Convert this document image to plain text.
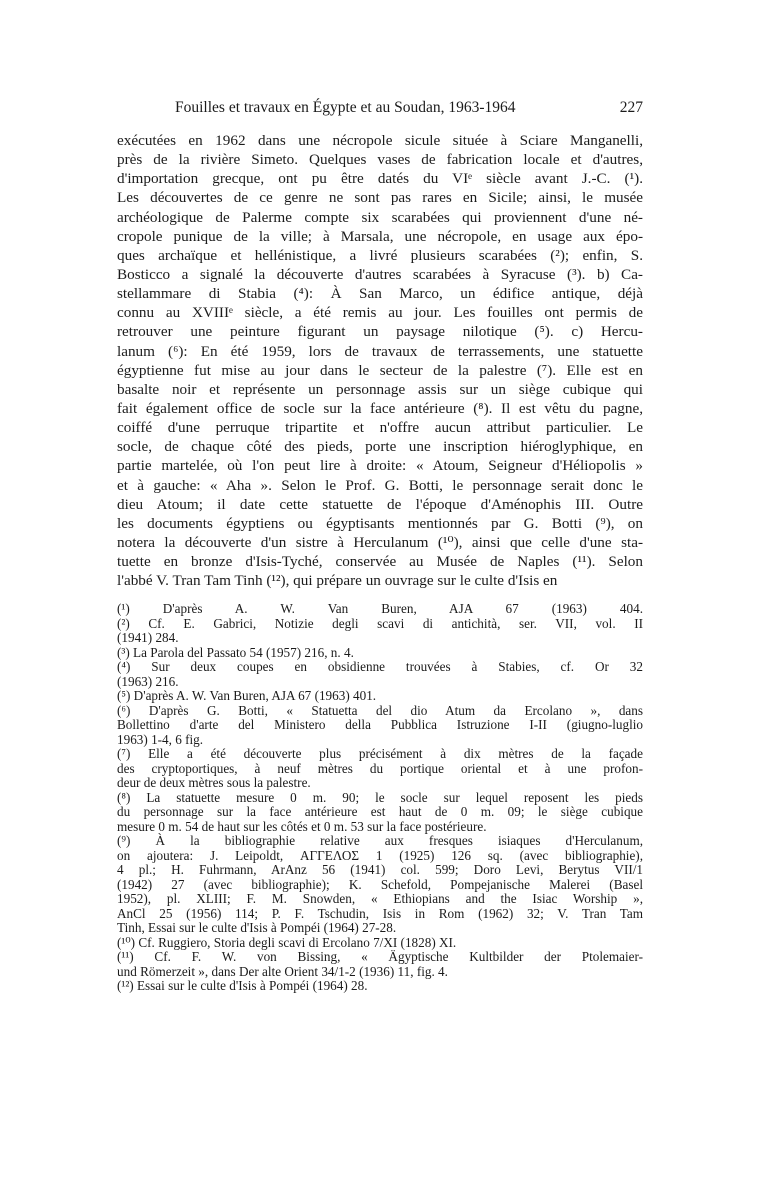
Fouilles et travaux en Égypte et au Soudan, 1963-1964	227
exécutées en 1962 dans une nécropole sicule située à Sciare Manganelli,
près de la rivière Simeto. Quelques vases de fabrication locale et d'autres,
d'importation grecque, ont pu être datés du VIᵉ siècle avant J.-C. (¹).
Les découvertes de ce genre ne sont pas rares en Sicile; ainsi, le musée
archéologique de Palerme compte six scarabées qui proviennent d'une né-
cropole punique de la ville; à Marsala, une nécropole, en usage aux épo-
ques archaïque et hellénistique, a livré plusieurs scarabées (²); enfin, S.
Bosticco a signalé la découverte d'autres scarabées à Syracuse (³). b) Ca-
stellammare di Stabia (⁴): À San Marco, un édifice antique, déjà
connu au XVIIIᵉ siècle, a été remis au jour. Les fouilles ont permis de
retrouver une peinture figurant un paysage nilotique (⁵). c) Hercu-
lanum (⁶): En été 1959, lors de travaux de terrassements, une statuette
égyptienne fut mise au jour dans le secteur de la palestre (⁷). Elle est en
basalte noir et représente un personnage assis sur un siège cubique qui
fait également office de socle sur la face antérieure (⁸). Il est vêtu du pagne,
coiffé d'une perruque tripartite et n'offre aucun attribut particulier. Le
socle, de chaque côté des pieds, porte une inscription hiéroglyphique, en
partie martelée, où l'on peut lire à droite: « Atoum, Seigneur d'Héliopolis »
et à gauche: « Aha ». Selon le Prof. G. Botti, le personnage serait donc le
dieu Atoum; il date cette statuette de l'époque d'Aménophis III. Outre
les documents égyptiens ou égyptisants mentionnés par G. Botti (⁹), on
notera la découverte d'un sistre à Herculanum (¹⁰), ainsi que celle d'une sta-
tuette en bronze d'Isis-Tyché, conservée au Musée de Naples (¹¹). Selon
l'abbé V. Tran Tam Tinh (¹²), qui prépare un ouvrage sur le culte d'Isis en
(¹) D'après A. W. Van Buren, AJA 67 (1963) 404.
(²) Cf. E. Gabrici, Notizie degli scavi di antichità, ser. VII, vol. II
(1941) 284.
(³) La Parola del Passato 54 (1957) 216, n. 4.
(⁴) Sur deux coupes en obsidienne trouvées à Stabies, cf. Or 32
(1963) 216.
(⁵) D'après A. W. Van Buren, AJA 67 (1963) 401.
(⁶) D'après G. Botti, « Statuetta del dio Atum da Ercolano », dans
Bollettino d'arte del Ministero della Pubblica Istruzione I-II (giugno-luglio
1963) 1-4, 6 fig.
(⁷) Elle a été découverte plus précisément à dix mètres de la façade
des cryptoportiques, à neuf mètres du portique oriental et à une profon-
deur de deux mètres sous la palestre.
(⁸) La statuette mesure 0 m. 90; le socle sur lequel reposent les pieds
du personnage sur la face antérieure est haut de 0 m. 09; le siège cubique
mesure 0 m. 54 de haut sur les côtés et 0 m. 53 sur la face postérieure.
(⁹) À la bibliographie relative aux fresques isiaques d'Herculanum,
on ajoutera: J. Leipoldt, ΑΓΓΕΛΟΣ 1 (1925) 126 sq. (avec bibliographie),
4 pl.; H. Fuhrmann, ArAnz 56 (1941) col. 599; Doro Levi, Berytus VII/1
(1942) 27 (avec bibliographie); K. Schefold, Pompejanische Malerei (Basel
1952), pl. XLIII; F. M. Snowden, « Ethiopians and the Isiac Worship »,
AnCl 25 (1956) 114; P. F. Tschudin, Isis in Rom (1962) 32; V. Tran Tam
Tinh, Essai sur le culte d'Isis à Pompéi (1964) 27-28.
(¹⁰) Cf. Ruggiero, Storia degli scavi di Ercolano 7/XI (1828) XI.
(¹¹) Cf. F. W. von Bissing, « Ägyptische Kultbilder der Ptolemaier-
und Römerzeit », dans Der alte Orient 34/1-2 (1936) 11, fig. 4.
(¹²) Essai sur le culte d'Isis à Pompéi (1964) 28.
